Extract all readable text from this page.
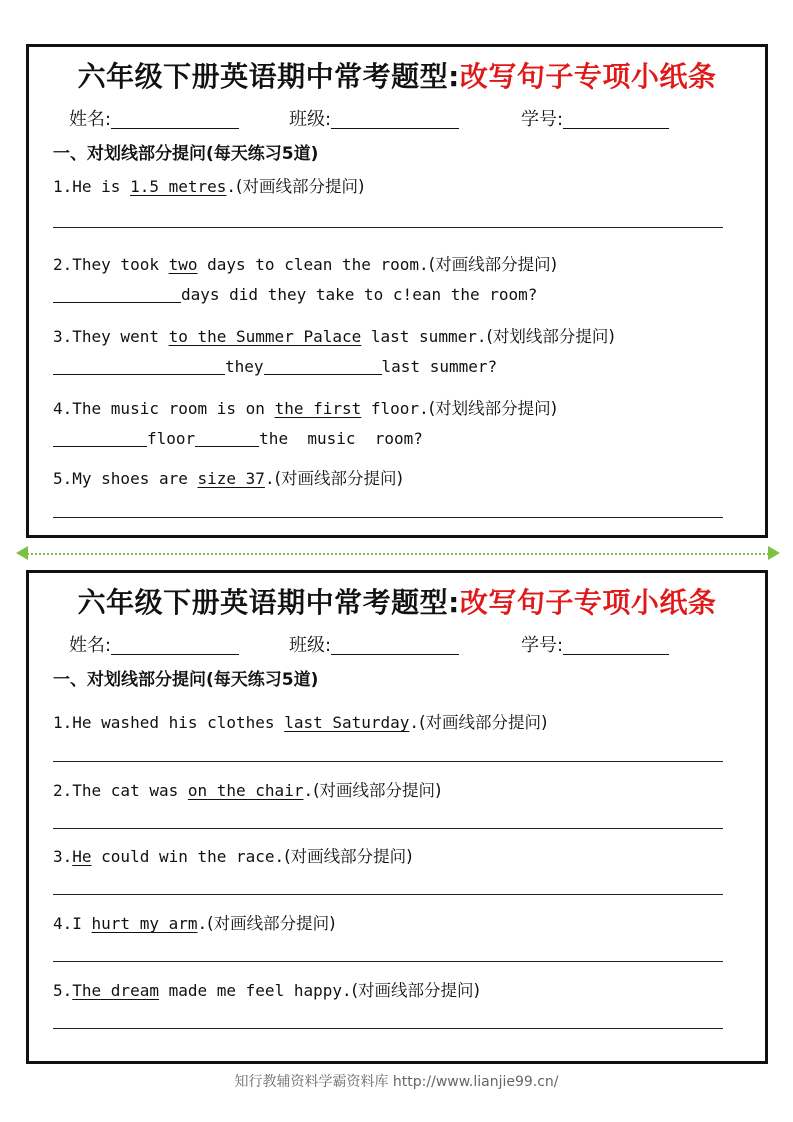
六年级下册英语期中常考题型:改写句子专项小纸条
姓名:	班级:	学号:
一、对划线部分提问(每天练习5道)
1.He is 1.5 metres.(对画线部分提问)
2.They took two days to clean the room.(对画线部分提问)
days did they take to c!ean the room?
3.They went to the Summer Palace last summer.(对划线部分提问)
they	last summer?
4.The music room is on the first floor.(对划线部分提问)
floor	the  music  room?
5.My shoes are size 37.(对画线部分提问)
六年级下册英语期中常考题型:改写句子专项小纸条
姓名:	班级:	学号:
一、对划线部分提问(每天练习5道)
1.He washed his clothes last Saturday.(对画线部分提问)
2.The cat was on the chair.(对画线部分提问)
3.He could win the race.(对画线部分提问)
4.I hurt my arm.(对画线部分提问)
5.The dream made me feel happy.(对画线部分提问)
知行教辅资料学霸资料库 http://www.lianjie99.cn/
